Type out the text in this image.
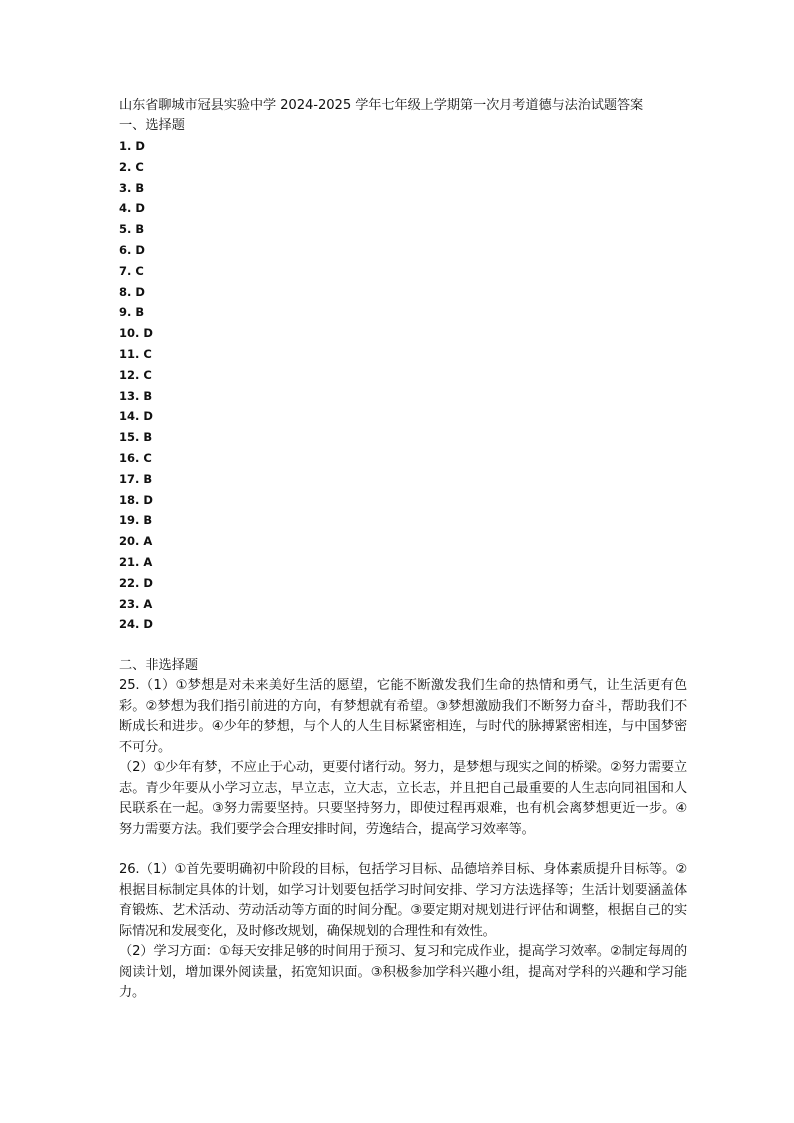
山东省聊城市冠县实验中学 2024-2025 学年七年级上学期第一次月考道德与法治试题答案
一、选择题
1. D
2. C
3. B
4. D
5. B
6. D
7. C
8. D
9. B
10. D
11. C
12. C
13. B
14. D
15. B
16. C
17. B
18. D
19. B
20. A
21. A
22. D
23. A
24. D
二、非选择题
25.（1）①梦想是对未来美好生活的愿望，它能不断激发我们生命的热情和勇气，让生活更有色彩。②梦想为我们指引前进的方向，有梦想就有希望。③梦想激励我们不断努力奋斗，帮助我们不断成长和进步。④少年的梦想，与个人的人生目标紧密相连，与时代的脉搏紧密相连，与中国梦密不可分。
（2）①少年有梦，不应止于心动，更要付诸行动。努力，是梦想与现实之间的桥梁。②努力需要立志。青少年要从小学习立志，早立志，立大志，立长志，并且把自己最重要的人生志向同祖国和人民联系在一起。③努力需要坚持。只要坚持努力，即使过程再艰难，也有机会离梦想更近一步。④努力需要方法。我们要学会合理安排时间，劳逸结合，提高学习效率等。
26.（1）①首先要明确初中阶段的目标，包括学习目标、品德培养目标、身体素质提升目标等。②根据目标制定具体的计划，如学习计划要包括学习时间安排、学习方法选择等；生活计划要涵盖体育锻炼、艺术活动、劳动活动等方面的时间分配。③要定期对规划进行评估和调整，根据自己的实际情况和发展变化，及时修改规划，确保规划的合理性和有效性。
（2）学习方面：①每天安排足够的时间用于预习、复习和完成作业，提高学习效率。②制定每周的阅读计划，增加课外阅读量，拓宽知识面。③积极参加学科兴趣小组，提高对学科的兴趣和学习能力。
